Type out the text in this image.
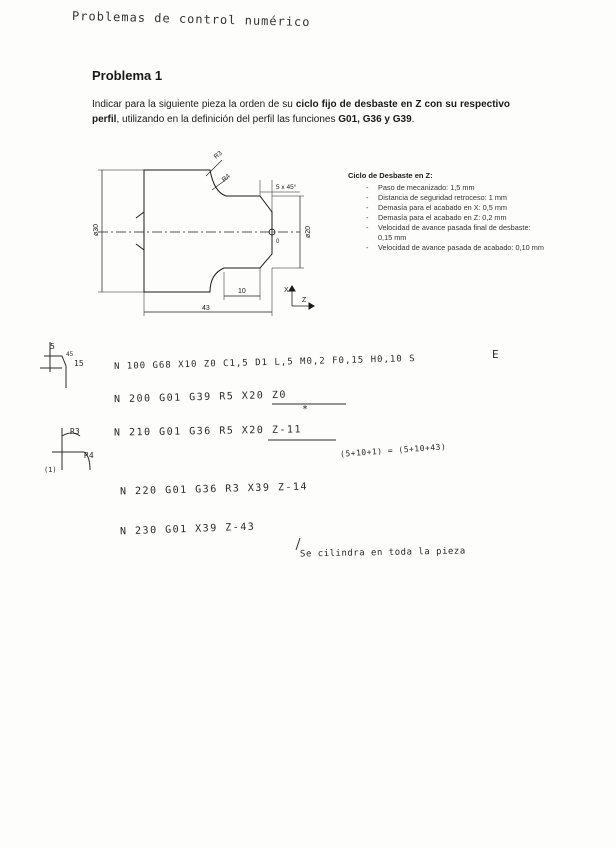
Problemas de control numérico
Problema 1
Indicar para la siguiente pieza la orden de su ciclo fijo de desbaste en Z con su respectivo perfil, utilizando en la definición del perfil las funciones G01, G36 y G39.
ø30	ø20
10
43
5 x 45°
R3
R4
Z
X
0
Ciclo de Desbaste en Z:
- Paso de mecanizado: 1,5 mm
- Distancia de seguridad retroceso: 1 mm
- Demasía para el acabado en X: 0,5 mm
- Demasía para el acabado en Z: 0,2 mm
- Velocidad de avance pasada final de desbaste: 0,15 mm
- Velocidad de avance pasada de acabado: 0,10 mm
5
45
15
R3
R4
(1)
N 100 G68 X10 Z0 C1,5 D1 L,5 M0,2 F0,15 H0,10 S	E
N 200 G01 G39 R5 X20 Z0
*
N 210 G01 G36 R5 X20 Z-11
(5+10+1) = (5+10+43)
N 220 G01 G36 R3 X39 Z-14
N 230 G01 X39 Z-43
Se cilindra en toda la pieza
